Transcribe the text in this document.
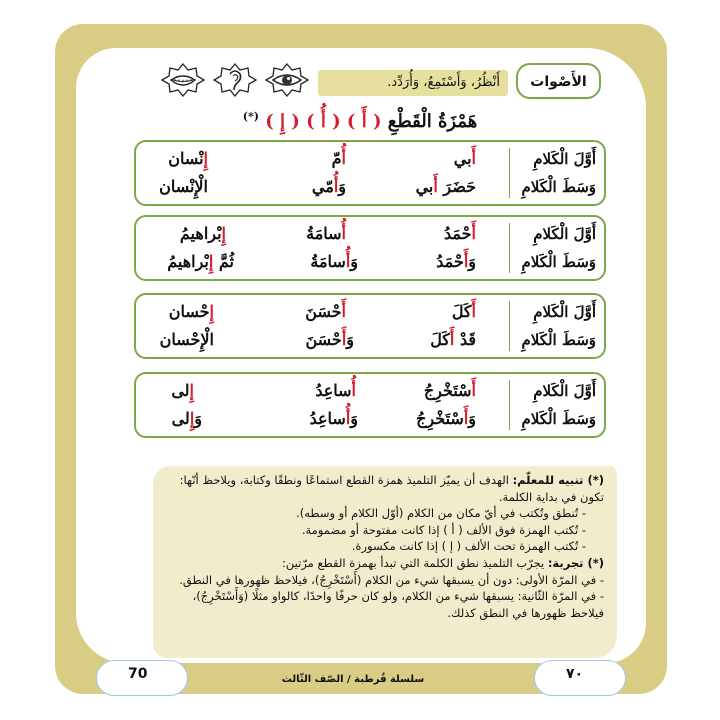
أَنْظُرُ، وَأَسْتَمِعُ، وَأُرَدِّد.	الأَصْوات
هَمْزَةُ الْقَطْعِ ( أَ ) ( أُ ) ( إِ ) (*)
أَوَّلَ الْكَلامِ
وَسَطَ الْكَلامِ
أَبي
أُمّ
إِنْسان
حَضَرَ أَبي
وَأُمّي
الْنْسان
أَوَّلَ الْكَلامِ
وَسَطَ الْكَلامِ
أَحْمَدُ
أُسامَةُ
إِبْراهيمُ
وَأَحْمَدُ
وَأُسامَةُ
ثُمَّ إِبْراهيمُ
أَوَّلَ الْكَلامِ
وَسَطَ الْكَلامِ
أَكَلَ
أَحْسَنَ
إِحْسان
قَدْ أَكَلَ
وَأَحْسَنَ
الْحْسان
أَوَّلَ الْكَلامِ
وَسَطَ الْكَلامِ
أَسْتَخْرِجُ
أُساعِدُ
إِلى
وَأَسْتَخْرِجُ
وَأُساعِدُ
وَإِلى

(*) تنبيه للمعلّم: الهدف أن يميّز التلميذ همزة القطع استماعًا ونطقًا وكتابة، ويلاحظ أنّها: تكون في بداية الكلمة.

- تُنطق وتُكتب في أيّ مكان من الكلام (أوّل الكلام أو وسطه).

- تُكتب الهمزة فوق الألف ( أ ) إذا كانت مفتوحة أو مضمومة.

- تُكتب الهمزة تحت الألف ( إ ) إذا كانت مكسورة.

(*) تجربة: يجرّب التلميذ نطق الكلمة التي تبدأ بهمزة القطع مرّتين:

- في المرّة الأولى: دون أن يسبقها شيء من الكلام (أَسْتَخْرِجُ)، فيلاحظ ظهورها في النطق.

- في المرّة الثّانية: يسبقها شيء من الكلام، ولو كان حرفًا واحدًا، كالواو مثلًا (وَأَسْتَخْرِجُ)، فيلاحظ ظهورها في النطق كذلك.

70	٧٠
سلسلة قُرطبة / الصّف الثّالث
